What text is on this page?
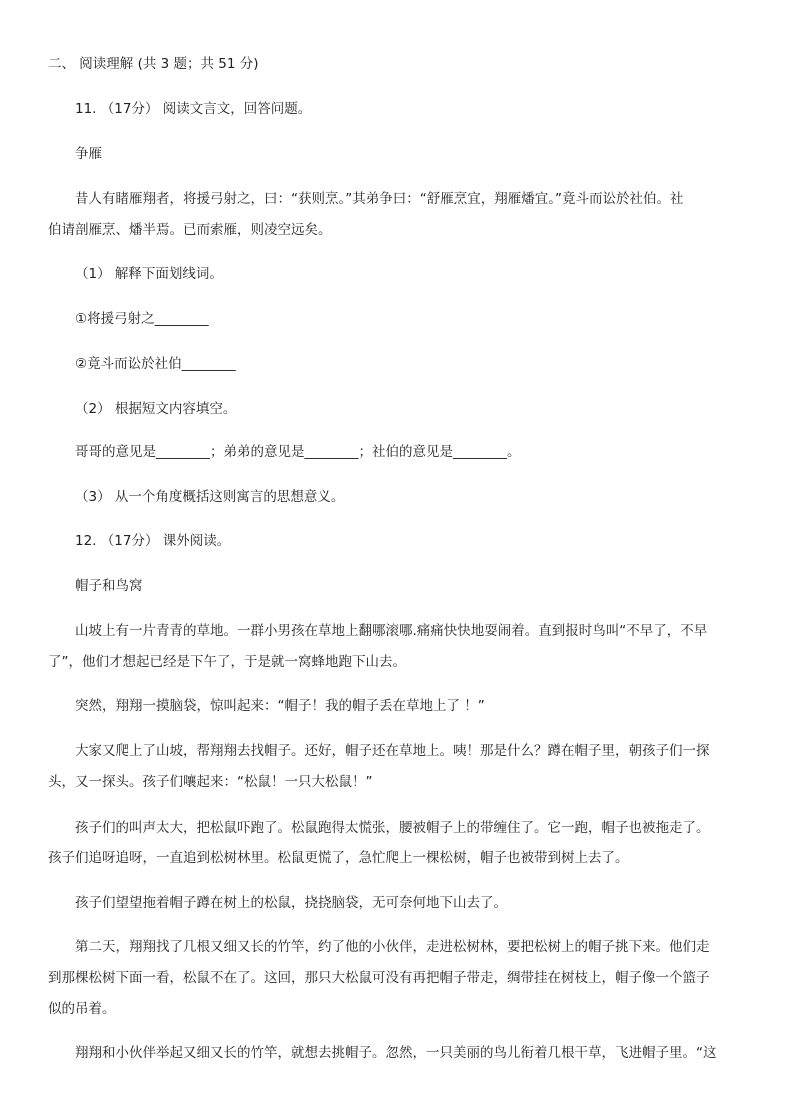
二、 阅读理解 (共 3 题；共 51 分)
11. （17分） 阅读文言文，回答问题。
争雁
昔人有睹雁翔者，将援弓射之，曰：“获则烹。”其弟争曰：“舒雁烹宜，翔雁燔宜。”竟斗而讼於社伯。社
伯请剖雁烹、燔半焉。已而索雁，则凌空远矣。
（1） 解释下面划线词。
①将援弓射之________
②竟斗而讼於社伯________
（2） 根据短文内容填空。
哥哥的意见是________；弟弟的意见是________；社伯的意见是________。
（3） 从一个角度概括这则寓言的思想意义。
12. （17分） 课外阅读。
帽子和鸟窝
山坡上有一片青青的草地。一群小男孩在草地上翻哪滚哪.痛痛快快地耍闹着。直到报时鸟叫“不早了，不早
了”，他们才想起已经是下午了，于是就一窝蜂地跑下山去。
突然，翔翔一摸脑袋，惊叫起来：“帽子！我的帽子丢在草地上了 ！”
大家又爬上了山坡，帮翔翔去找帽子。还好，帽子还在草地上。咦！那是什么？蹲在帽子里，朝孩子们一探
头，又一探头。孩子们嚷起来：“松鼠！一只大松鼠！”
孩子们的叫声太大，把松鼠吓跑了。松鼠跑得太慌张，腰被帽子上的带缠住了。它一跑，帽子也被拖走了。
孩子们追呀追呀，一直追到松树林里。松鼠更慌了，急忙爬上一棵松树，帽子也被带到树上去了。
孩子们望望拖着帽子蹲在树上的松鼠，挠挠脑袋，无可奈何地下山去了。
第二天，翔翔找了几根又细又长的竹竿，约了他的小伙伴，走进松树林，要把松树上的帽子挑下来。他们走
到那棵松树下面一看，松鼠不在了。这回，那只大松鼠可没有再把帽子带走，绸带挂在树枝上，帽子像一个篮子
似的吊着。
翔翔和小伙伴举起又细又长的竹竿，就想去挑帽子。忽然，一只美丽的鸟儿衔着几根干草，飞进帽子里。“这
